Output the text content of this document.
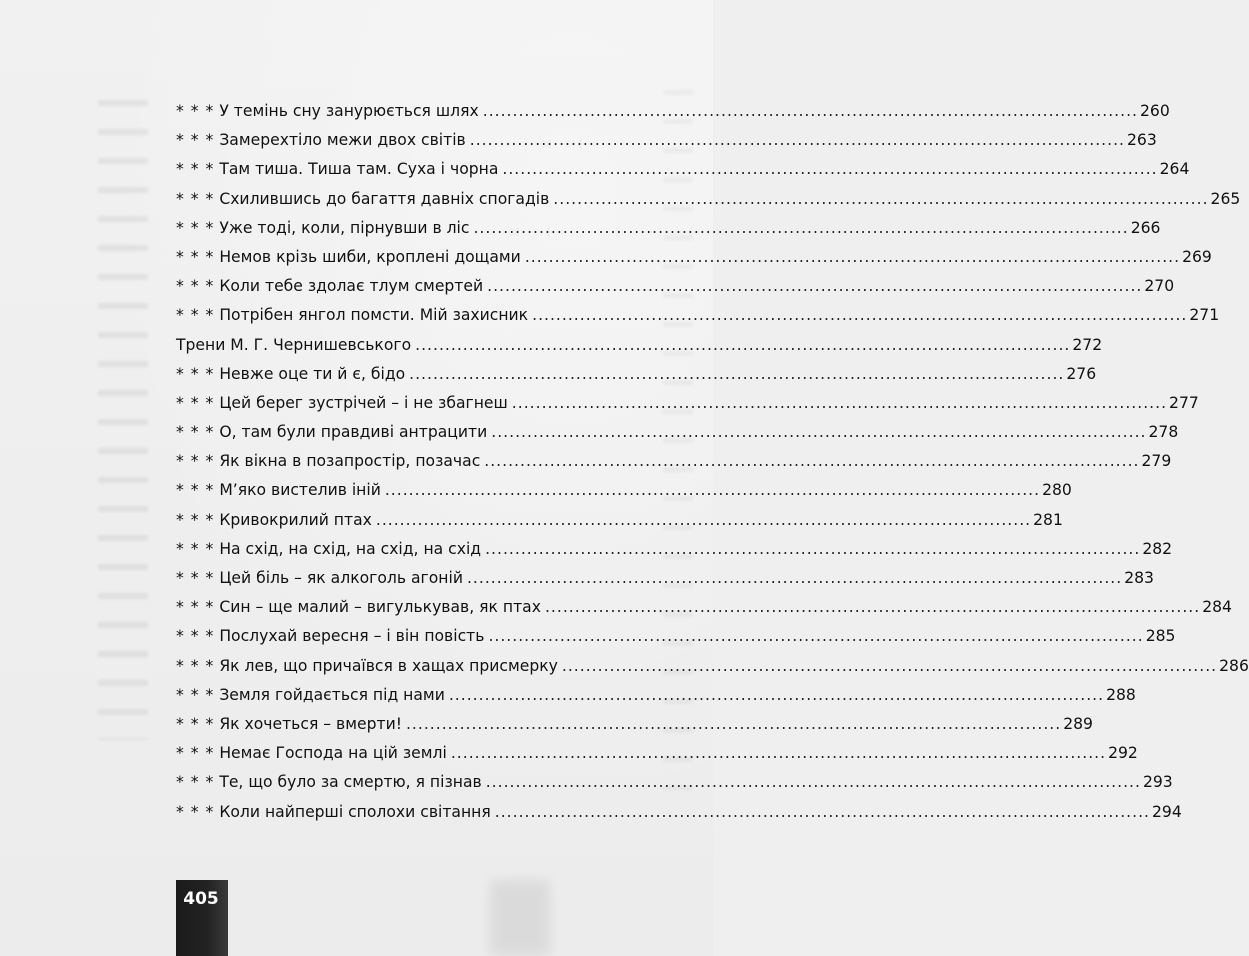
* * * У темінь сну занурюється шлях .....	260
* * * Замерехтіло межи двох світів .....	263
* * * Там тиша. Тиша там. Суха і чорна .....	264
* * * Схилившись до багаття давніх спогадів .....	265
* * * Уже тоді, коли, пірнувши в ліс .....	266
* * * Немов крізь шиби, кроплені дощами .....	269
* * * Коли тебе здолає тлум смертей .....	270
* * * Потрібен янгол помсти. Мій захисник .....	271
Трени М. Г. Чернишевського .....	272
* * * Невже оце ти й є, бідо .....	276
* * * Цей берег зустрічей – і не збагнеш .....	277
* * * О, там були правдиві антрацити .....	278
* * * Як вікна в позапростір, позачас .....	279
* * * М’яко вистелив іній .....	280
* * * Кривокрилий птах .....	281
* * * На схід, на схід, на схід, на схід .....	282
* * * Цей біль – як алкоголь агоній .....	283
* * * Син – ще малий – вигулькував, як птах .....	284
* * * Послухай вересня – і він повість .....	285
* * * Як лев, що причаївся в хащах присмерку .....	286
* * * Земля гойдається під нами .....	288
* * * Як хочеться – вмерти! .....	289
* * * Немає Господа на цій землі .....	292
* * * Те, що було за смертю, я пізнав .....	293
* * * Коли найперші сполохи світання .....	294
405
